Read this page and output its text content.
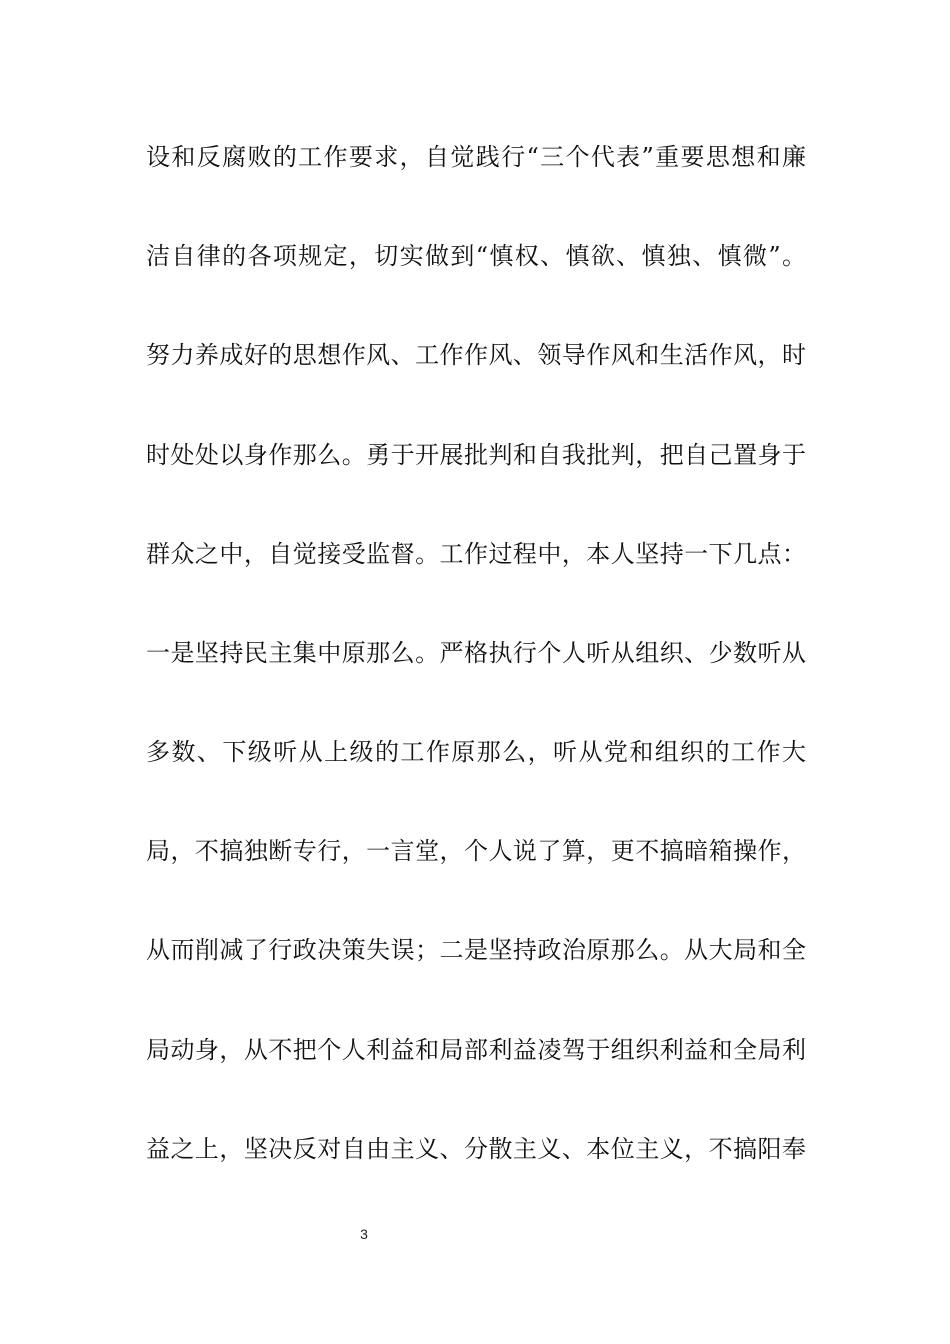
设和反腐败的工作要求，自觉践行“三个代表”重要思想和廉
洁自律的各项规定，切实做到“慎权、慎欲、慎独、慎微”。
努力养成好的思想作风、工作作风、领导作风和生活作风，时
时处处以身作那么。勇于开展批判和自我批判，把自己置身于
群众之中，自觉接受监督。工作过程中，本人坚持一下几点：
一是坚持民主集中原那么。严格执行个人听从组织、少数听从
多数、下级听从上级的工作原那么，听从党和组织的工作大
局，不搞独断专行，一言堂，个人说了算，更不搞暗箱操作，
从而削减了行政决策失误；二是坚持政治原那么。从大局和全
局动身，从不把个人利益和局部利益凌驾于组织利益和全局利
益之上，坚决反对自由主义、分散主义、本位主义，不搞阳奉
3
